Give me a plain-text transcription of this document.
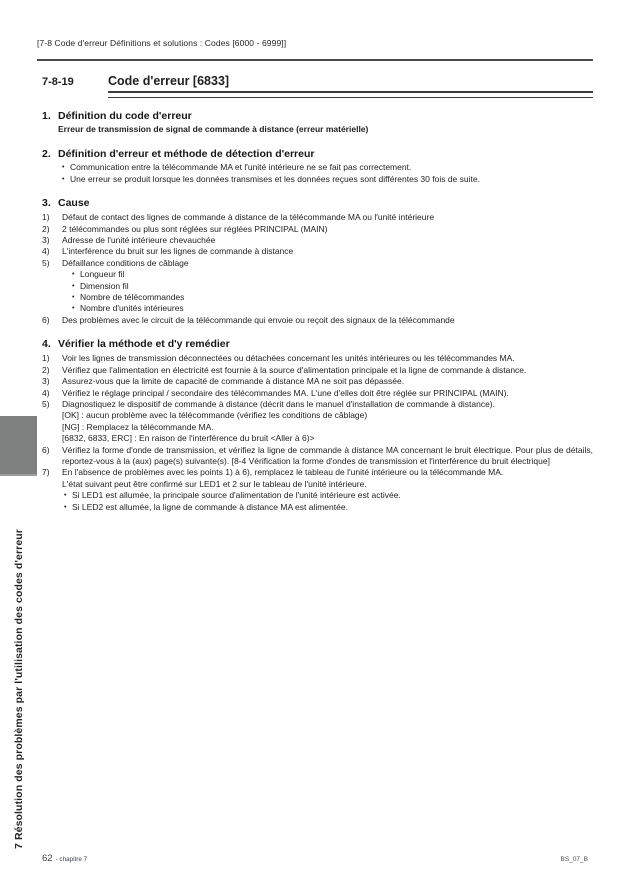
7 Résolution des problèmes par l'utilisation des codes d'erreur
[7-8 Code d'erreur Définitions et solutions : Codes [6000 - 6999]]
7-8-19	Code d'erreur [6833]
1. Définition du code d'erreur
Erreur de transmission de signal de commande à distance (erreur matérielle)
2. Définition d'erreur et méthode de détection d'erreur
• Communication entre la télécommande MA et l'unité intérieure ne se fait pas correctement.
• Une erreur se produit lorsque les données transmises et les données reçues sont différentes 30 fois de suite.
3. Cause
1)	Défaut de contact des lignes de commande à distance de la télécommande MA ou l'unité intérieure
2)	2 télécommandes ou plus sont réglées sur réglées PRINCIPAL (MAIN)
3)	Adresse de l'unité intérieure chevauchée
4)	L'interférence du bruit sur les lignes de commande à distance
5)	Défaillance conditions de câblage
• Longueur fil
• Dimension fil
• Nombre de télécommandes
• Nombre d'unités intérieures
6)	Des problèmes avec le circuit de la télécommande qui envoie ou reçoit des signaux de la télécommande
4. Vérifier la méthode et d'y remédier
1)	Voir les lignes de transmission déconnectées ou détachées concernant les unités intérieures ou les télécommandes MA.
2)	Vérifiez que l'alimentation en électricité est fournie à la source d'alimentation principale et la ligne de commande à distance.
3)	Assurez-vous que la limite de capacité de commande à distance MA ne soit pas dépassée.
4)	Vérifiez le réglage principal / secondaire des télécommandes MA. L'une d'elles doit être réglée sur PRINCIPAL (MAIN).
5)	Diagnostiquez le dispositif de commande à distance (décrit dans le manuel d'installation de commande à distance).
[OK] : aucun problème avec la télécommande (vérifiez les conditions de câblage)
[NG] : Remplacez la télécommande MA.
[6832, 6833, ERC] : En raison de l'interférence du bruit <Aller à 6)>
6)	Vérifiez la forme d'onde de transmission, et vérifiez la ligne de commande à distance MA concernant le bruit électrique. Pour plus de détails, reportez-vous à la (aux) page(s) suivante(s). [8-4 Vérification la forme d'ondes de transmission et l'interférence du bruit électrique]
7)	En l'absence de problèmes avec les points 1) à 6), remplacez le tableau de l'unité intérieure ou la télécommande MA.
L'état suivant peut être confirmé sur LED1 et 2 sur le tableau de l'unité intérieure.
• Si LED1 est allumée, la principale source d'alimentation de l'unité intérieure est activée.
• Si LED2 est allumée, la ligne de commande à distance MA est alimentée.
62 - chapitre 7	BS_07_B
